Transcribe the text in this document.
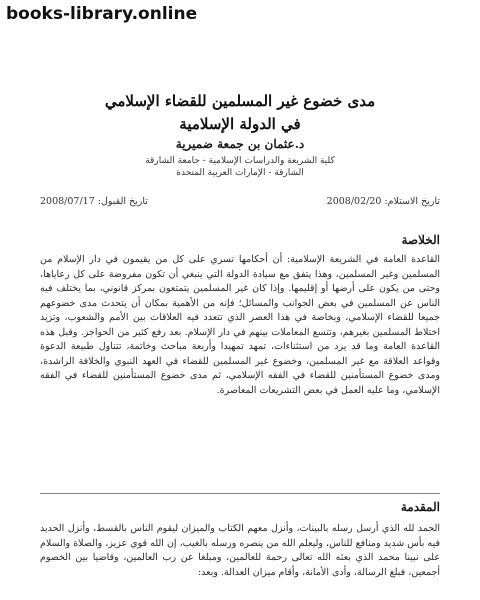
books-library.online
مدى خضوع غير المسلمين للقضاء الإسلامي
في الدولة الإسلامية
د.عثمان بن جمعة ضميرية
كلية الشريعة والدراسات الإسلامية - جامعة الشارقة
الشارقة - الإمارات العربية المتحدة
تاريخ الاستلام: 2008/02/20
تاريخ القبول: 2008/07/17
الخلاصة
القاعدة العامة في الشريعة الإسلامية: أن أحكامها تسري على كل من يقيمون في دار الإسلام من المسلمين وغير المسلمين، وهذا يتفق مع سيادة الدولة التي ينبغي أن تكون مفروضة على كل رعاياها، وحتى من يكون على أرضها أو إقليمها. وإذا كان غير المسلمين يتمتعون بمركز قانوني، بما يختلف فيه الناس عن المسلمين في بعض الجوانب والمسائل؛ فإنه من الأهمية بمكان أن يتحدث مدى خضوعهم جميعا للقضاء الإسلامي، وبخاصة في هذا العصر الذي تتعدد فيه العلاقات بين الأمم والشعوب، وتزيد اختلاط المسلمين بغيرهم، وتتسع المعاملات بينهم في دار الإسلام. بعد رفع كثير من الحواجز. وقبل هذه القاعدة العامة وما قد يرد من استثناءات، تمهد تمهيدا وأربعة مباحث وخاتمة، تتناول طبيعة الدعوة وقواعد العلاقة مع غير المسلمين، وخضوع غير المسلمين للقضاء في العهد النبوي والخلافة الراشدة، ومدى خضوع المستأمنين للقضاء في الفقه الإسلامي، ثم مدى خضوع المستأمنين للقضاء في الفقه الإسلامي، وما عليه العمل في بعض التشريعات المعاصرة.
المقدمة
الحمد لله الذي أرسل رسله بالبينات، وأنزل معهم الكتاب والميزان ليقوم الناس بالقسط، وأنزل الحديد فيه بأس شديد ومنافع للناس، وليعلم الله من ينصره ورسله بالغيب، إن الله قوي عزيز، والصلاة والسلام على نبينا محمد الذي بعثه الله تعالى رحمة للعالمين، ومبلغا عن رب العالمين، وقاضيا بين الخصوم أجمعين، فبلغ الرسالة، وأدى الأمانة، وأقام ميزان العدالة. وبعد:
